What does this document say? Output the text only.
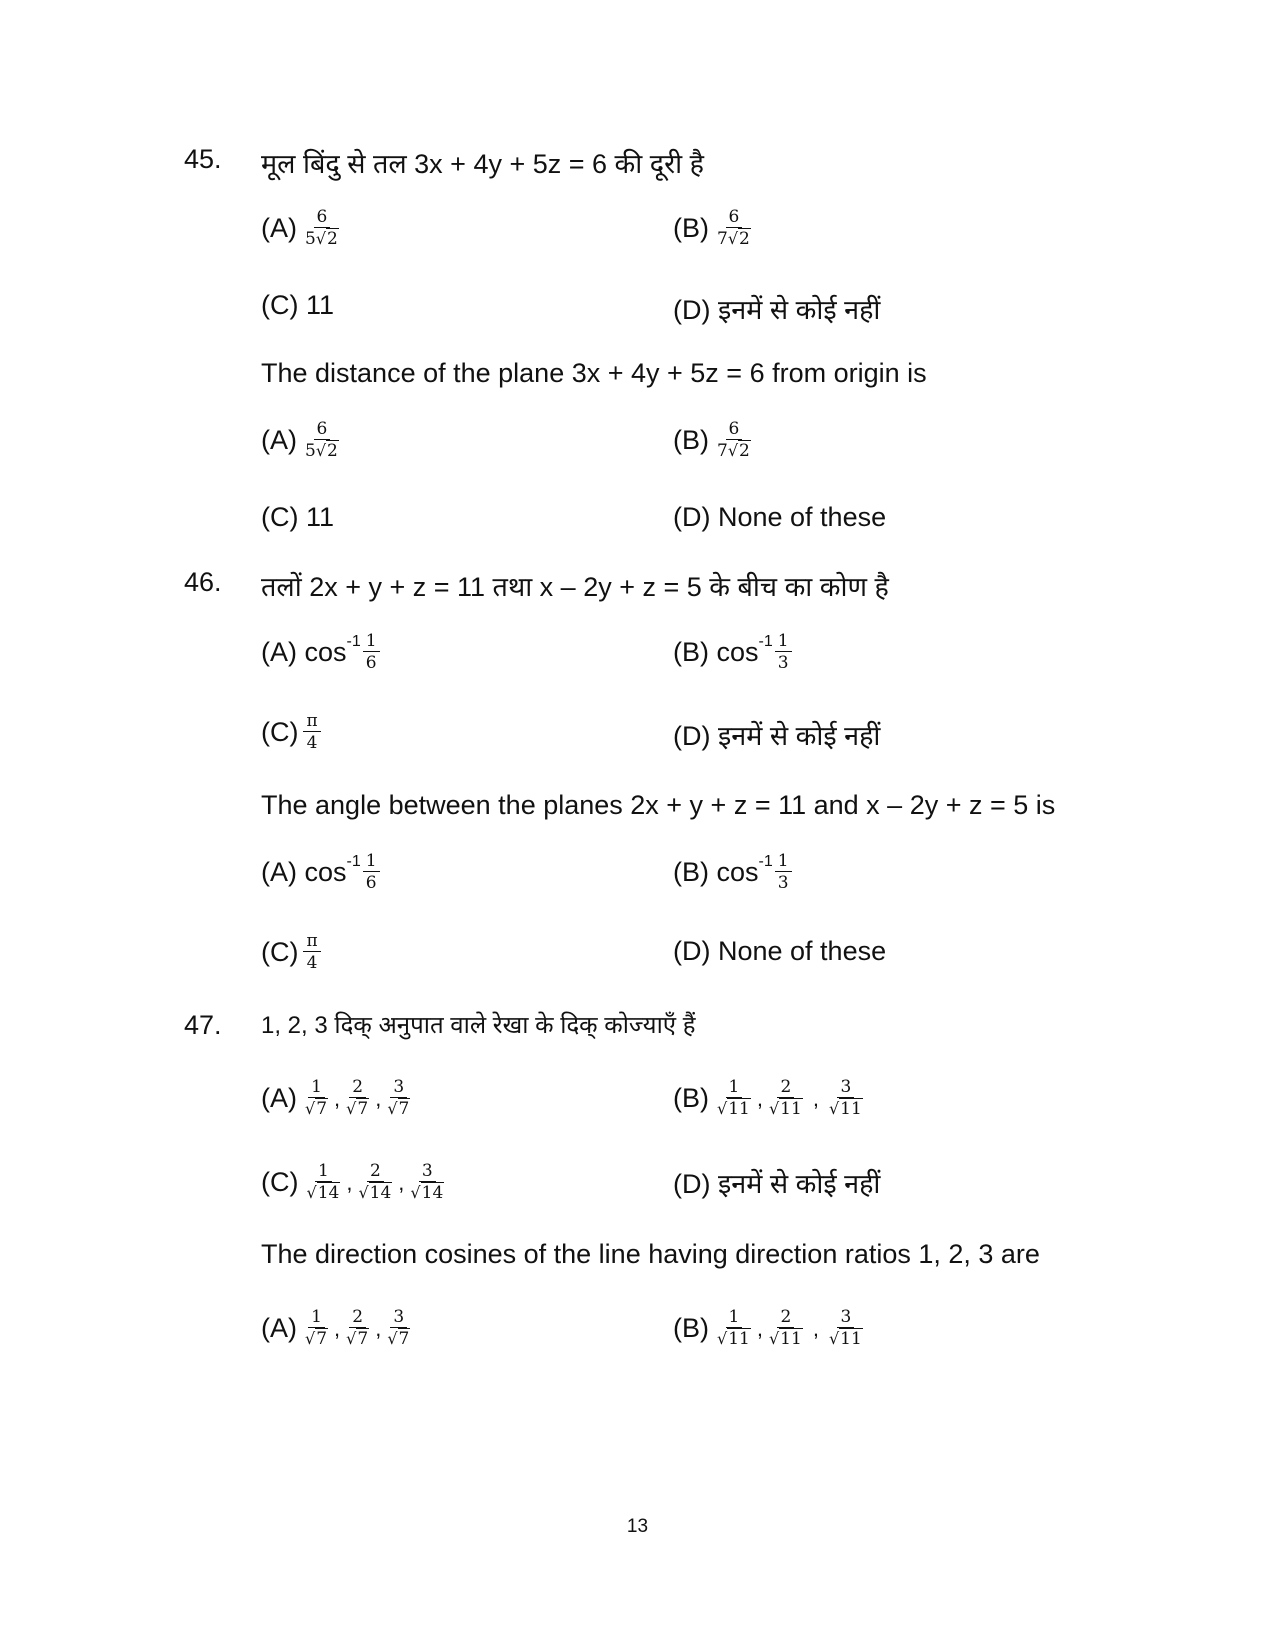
45. मूल बिंदु से तल 3x + 4y + 5z = 6 की दूरी है
$(A) \frac{6}{5√2}$	$(B) \frac{6}{7√2}$
(C) 11	(D) इनमें से कोई नहीं
The distance of the plane 3x + 4y + 5z = 6 from origin is
$(A) \frac{6}{5√2}$	$(B) \frac{6}{7√2}$
(C) 11	(D) None of these
46. तलों 2x + y + z = 11 तथा x – 2y + z = 5 के बीच का कोण है
(A) $\cos -1 \frac{1}{6}$	(B) $\cos -1 \frac{1}{3}$
$(C) \frac{\pi}{4}$	(D) इनमें से कोई नहीं
The angle between the planes 2x + y + z = 11 and x – 2y + z = 5 is
(A) $\cos -1 \frac{1}{6}$	(B) $\cos -1 \frac{1}{3}$
$(C) \frac{\pi}{4}$	(D) None of these
47. 1, 2, 3 दिक् अनुपात वाले रेखा के दिक् कोज्याएँ हैं
$(A) \frac{1}{√7}$ , $\frac{2}{√7}$ , $\frac{3}{√7}$	$(B) \frac{1}{√11}$ , $\frac{2}{√11}$ , $\frac{3}{√11}$
$(C) \frac{1}{√14}$ , $\frac{2}{√14}$ , $\frac{3}{√14}$	(D) इनमें से कोई नहीं
The direction cosines of the line having direction ratios 1, 2, 3 are
$(A) \frac{1}{√7}$ , $\frac{2}{√7}$ , $\frac{3}{√7}$	$(B) \frac{1}{√11}$ , $\frac{2}{√11}$ , $\frac{3}{√11}$
13
